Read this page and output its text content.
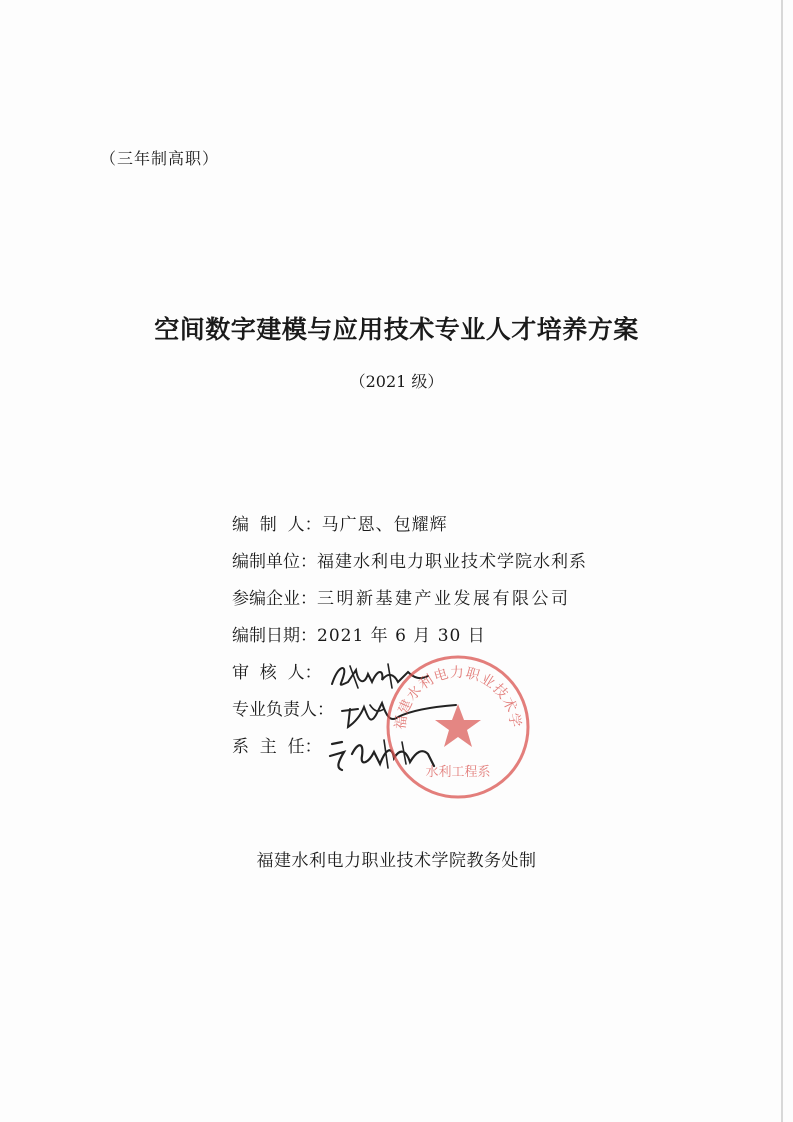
（三年制高职）
空间数字建模与应用技术专业人才培养方案
（2021 级）
编  制  人： 马广恩、包耀辉
编制单位： 福建水利电力职业技术学院水利系
参编企业： 三明新基建产业发展有限公司
编制日期： 2021 年 6 月 30 日
审  核  人：
专业负责人：
系  主  任：
福建水利电力职业技术学
水利工程系
福建水利电力职业技术学院教务处制
